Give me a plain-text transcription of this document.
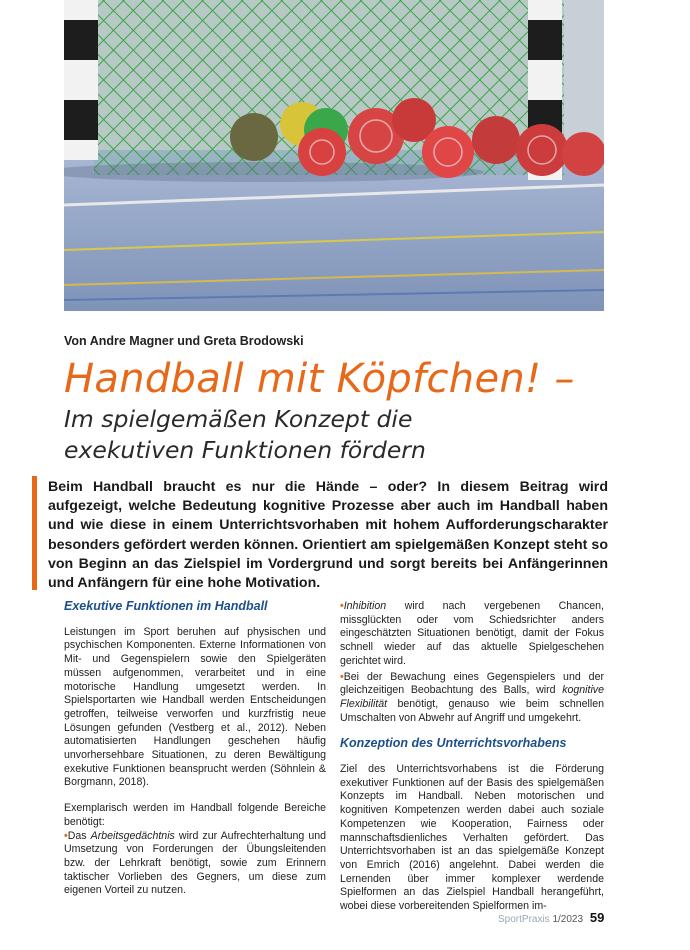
Von Andre Magner und Greta Brodowski
Handball mit Köpfchen! –
Im spielgemäßen Konzept die
exekutiven Funktionen fördern
Beim Handball braucht es nur die Hände – oder? In diesem Beitrag wird aufgezeigt, welche Bedeutung kognitive Prozesse aber auch im Handball haben und wie diese in einem Unterrichtsvorhaben mit hohem Aufforderungscharakter besonders gefördert werden können. Orientiert am spielgemäßen Konzept steht so von Beginn an das Zielspiel im Vordergrund und sorgt bereits bei Anfängerinnen und Anfängern für eine hohe Motivation.
Exekutive Funktionen im Handball

Leistungen im Sport beruhen auf physischen und psychischen Komponenten. Externe Informationen von Mit- und Gegenspielern sowie den Spielgeräten müssen aufgenommen, verarbeitet und in eine motorische Handlung umgesetzt werden. In Spielsportarten wie Handball werden Entscheidungen getroffen, teilweise verworfen und kurzfristig neue Lösungen gefunden (Vestberg et al., 2012). Neben automatisierten Handlungen geschehen häufig unvorhersehbare Situationen, zu deren Bewältigung exekutive Funktionen beansprucht werden (Söhnlein & Borgmann, 2018).

Exemplarisch werden im Handball folgende Bereiche benötigt:

•Das Arbeitsgedächtnis wird zur Aufrechterhaltung und Umsetzung von Forderungen der Übungsleitenden bzw. der Lehrkraft benötigt, sowie zum Erinnern taktischer Vorlieben des Gegners, um diese zum eigenen Vorteil zu nutzen.

•Inhibition wird nach vergebenen Chancen, missglückten oder vom Schiedsrichter anders eingeschätzten Situationen benötigt, damit der Fokus schnell wieder auf das aktuelle Spielgeschehen gerichtet wird.

•Bei der Bewachung eines Gegenspielers und der gleichzeitigen Beobachtung des Balls, wird kognitive Flexibilität benötigt, genauso wie beim schnellen Umschalten von Abwehr auf Angriff und umgekehrt.

Konzeption des Unterrichtsvorhabens

Ziel des Unterrichtsvorhabens ist die Förderung exekutiver Funktionen auf der Basis des spielgemäßen Konzepts im Handball. Neben motorischen und kognitiven Kompetenzen werden dabei auch soziale Kompetenzen wie Kooperation, Fairness oder mannschaftsdienliches Verhalten gefördert. Das Unterrichtsvorhaben ist an das spielgemäße Konzept von Emrich (2016) angelehnt. Dabei werden die Lernenden über immer komplexer werdende Spielformen an das Zielspiel Handball herangeführt, wobei diese vorbereitenden Spielformen im-

SportPraxis 1/2023 59
